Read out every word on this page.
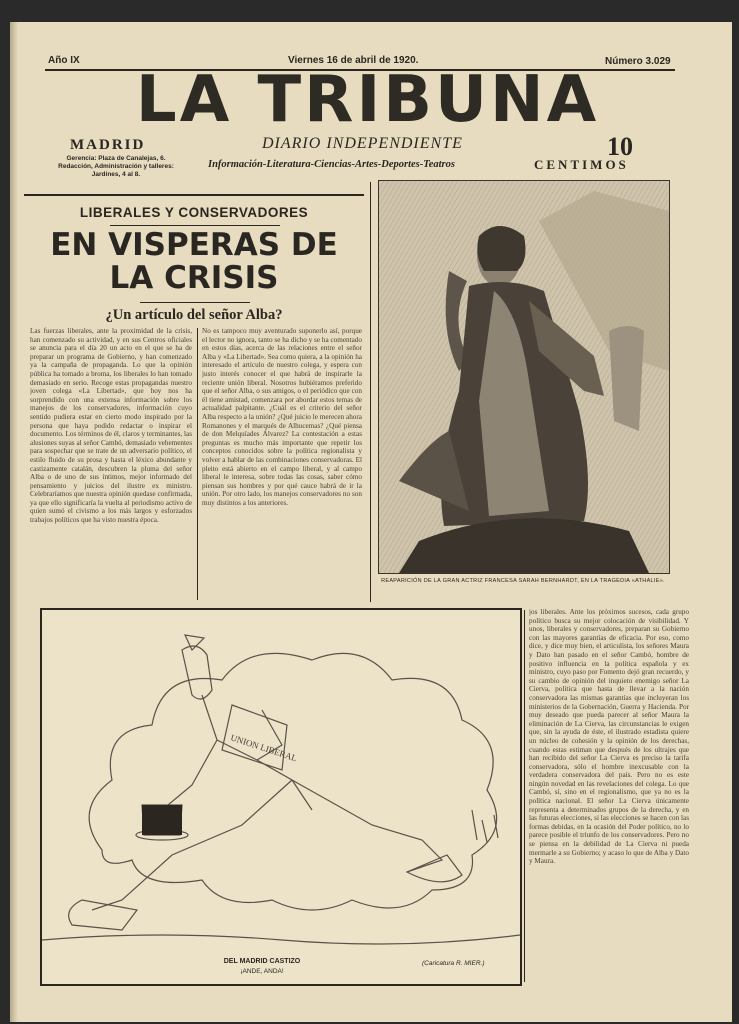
Año IX	Viernes 16 de abril de 1920.	Número 3.029
LA TRIBUNA
MADRID
Gerencia: Plaza de Canalejas, 6.
Redacción, Administración y talleres:
Jardines, 4 al 8.
DIARIO INDEPENDIENTE
Información-Literatura-Ciencias-Artes-Deportes-Teatros
10
CENTIMOS
LIBERALES Y CONSERVADORES
EN VISPERAS DE
LA CRISIS
¿Un artículo del señor Alba?
Las fuerzas liberales, ante la proximidad de la crisis, han comenzado su actividad, y en sus Centros oficiales se anuncia para el día 20 un acto en el que se ha de preparar un programa de Gobierno, y han comenzado ya la campaña de propaganda. Lo que la opinión pública ha tomado a broma, los liberales lo han tomado demasiado en serio. Recoge estas propagandas nuestro joven colega «La Libertad», que hoy nos ha sorprendido con una extensa información sobre los manejos de los conservadores, información cuyo sentido pudiera estar en cierto modo inspirado por la persona que haya podido redactar o inspirar el documento. Los términos de él, claros y terminantes, las alusiones suyas al señor Cambó, demasiado vehementes para sospechar que se trate de un adversario político, el estilo fluido de su prosa y hasta el léxico abundante y castizamente catalán, descubren la pluma del señor Alba o de uno de sus íntimos, mejor informado del pensamiento y juicios del ilustre ex ministro. Celebraríamos que nuestra opinión quedase confirmada, ya que ello significaría la vuelta al periodismo activo de quien sumó el civismo a los más largos y esforzados trabajos políticos que ha visto nuestra época.
No es tampoco muy aventurado suponerlo así, porque el lector no ignora, tanto se ha dicho y se ha comentado en estos días, acerca de las relaciones entre el señor Alba y «La Libertad». Sea como quiera, a la opinión ha interesado el artículo de nuestro colega, y espera con justo interés conocer el que habrá de inspirarle la reciente unión liberal. Nosotros hubiéramos preferido que el señor Alba, o sus amigos, o el periódico que con él tiene amistad, comenzara por abordar estos temas de actualidad palpitante. ¿Cuál es el criterio del señor Alba respecto a la unión? ¿Qué juicio le merecen ahora Romanones y el marqués de Alhucemas? ¿Qué piensa de don Melquíades Álvarez? La contestación a estas preguntas es mucho más importante que repetir los conceptos conocidos sobre la política regionalista y volver a hablar de las combinaciones conservadoras. El pleito está abierto en el campo liberal, y al campo liberal le interesa, sobre todas las cosas, saber cómo piensan sus hombres y por qué cauce habrá de ir la unión. Por otro lado, los manejos conservadores no son muy distintos a los anteriores.
REAPARICIÓN DE LA GRAN ACTRIZ FRANCESA SARAH BERNHARDT, EN LA TRAGEDIA «ATHALIE».
UNION LIBERAL
DEL MADRID CASTIZO
¡ANDE, ANDA!
(Caricatura R. MIER.)
jos liberales. Ante los próximos sucesos, cada grupo político busca su mejor colocación de visibilidad. Y unos, liberales y conservadores, preparan su Gobierno con las mayores garantías de eficacia. Por eso, como dice, y dice muy bien, el articulista, los señores Maura y Dato han pasado en el señor Cambó, hombre de positivo influencia en la política española y ex ministro, cuyo paso por Fomento dejó gran recuerdo, y su cambio de opinión del inquieto enemigo señor La Cierva, política que hasta de llevar a la nación conservadora las mismas garantías que incluyeran los ministerios de la Gobernación, Guerra y Hacienda. Por muy deseado que pueda parecer al señor Maura la eliminación de La Cierva, las circunstancias le exigen que, sin la ayuda de éste, el ilustrado estadista quiere un núcleo de cohesión y la opinión de los derechas, cuando estas estiman que después de los ultrajes que han recibido del señor La Cierva es preciso la tarifa conservadora, sólo el hombre inexcusable con la verdadera conservadora del país. Pero no es este ningún novedad en las revelaciones del colega. Lo que Cambó, sí, sino en el regionalismo, que ya no es la política nacional. El señor La Cierva únicamente representa a determinados grupos de la derecha, y en las futuras elecciones, si las elecciones se hacen con las formas debidas, en la ocasión del Poder político, no lo parece posible el triunfo de los conservadores. Pero no se piensa en la debilidad de La Cierva ni pueda mermarle a su Gobierno; y acaso lo que de Alba y Dato y Maura.
